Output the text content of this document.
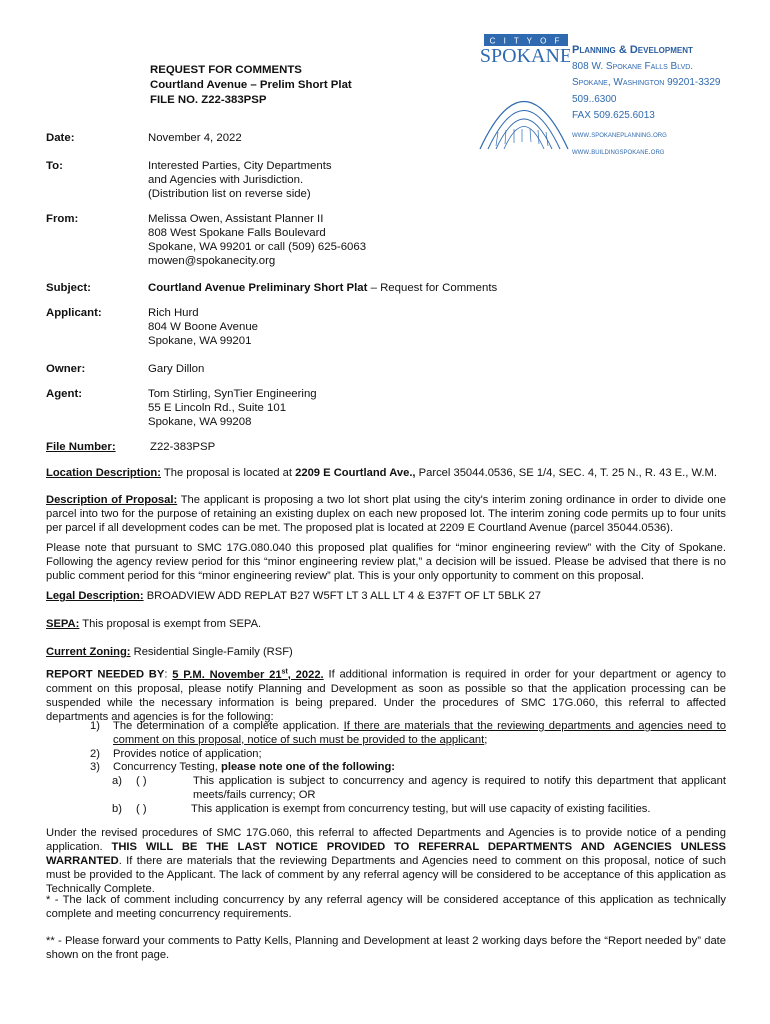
REQUEST FOR COMMENTS
Courtland Avenue – Prelim Short Plat
FILE NO. Z22-383PSP
C I T Y O F
SPOKANE Planning & Development
808 W. Spokane Falls Blvd.
Spokane, Washington 99201-3329
509..6300
FAX 509.625.6013
www.spokaneplanning.org
www.buildingspokane.org
Date:	November 4, 2022
To:	Interested Parties, City Departments
and Agencies with Jurisdiction.
(Distribution list on reverse side)
From:	Melissa Owen, Assistant Planner II
808 West Spokane Falls Boulevard
Spokane, WA 99201 or call (509) 625-6063
mowen@spokanecity.org
Subject:	Courtland Avenue Preliminary Short Plat – Request for Comments
Applicant:	Rich Hurd
804 W Boone Avenue
Spokane, WA 99201
Owner:	Gary Dillon
Agent:	Tom Stirling, SynTier Engineering
55 E Lincoln Rd., Suite 101
Spokane, WA 99208
File Number:	Z22-383PSP
Location Description: The proposal is located at 2209 E Courtland Ave., Parcel 35044.0536, SE 1/4, SEC. 4, T. 25 N., R. 43 E., W.M.
Description of Proposal: The applicant is proposing a two lot short plat using the city's interim zoning ordinance in order to divide one parcel into two for the purpose of retaining an existing duplex on each new proposed lot. The interim zoning code permits up to four units per parcel if all development codes can be met. The proposed plat is located at 2209 E Courtland Avenue (parcel 35044.0536).
Please note that pursuant to SMC 17G.080.040 this proposed plat qualifies for “minor engineering review” with the City of Spokane. Following the agency review period for this “minor engineering review plat,” a decision will be issued. Please be advised that there is no public comment period for this “minor engineering review” plat. This is your only opportunity to comment on this proposal.
Legal Description: BROADVIEW ADD REPLAT B27 W5FT LT 3 ALL LT 4 & E37FT OF LT 5BLK 27
SEPA: This proposal is exempt from SEPA.
Current Zoning: Residential Single-Family (RSF)
REPORT NEEDED BY: 5 P.M. November 21st, 2022. If additional information is required in order for your department or agency to comment on this proposal, please notify Planning and Development as soon as possible so that the application processing can be suspended while the necessary information is being prepared. Under the procedures of SMC 17G.060, this referral to affected departments and agencies is for the following:
1) The determination of a complete application. If there are materials that the reviewing departments and agencies need to comment on this proposal, notice of such must be provided to the applicant;
2) Provides notice of application;
3) Concurrency Testing, please note one of the following:
a) ( )	This application is subject to concurrency and agency is required to notify this department that applicant meets/fails currency; OR
b) ( )	This application is exempt from concurrency testing, but will use capacity of existing facilities.
Under the revised procedures of SMC 17G.060, this referral to affected Departments and Agencies is to provide notice of a pending application. THIS WILL BE THE LAST NOTICE PROVIDED TO REFERRAL DEPARTMENTS AND AGENCIES UNLESS WARRANTED. If there are materials that the reviewing Departments and Agencies need to comment on this proposal, notice of such must be provided to the Applicant. The lack of comment by any referral agency will be considered to be acceptance of this application as Technically Complete.
* - The lack of comment including concurrency by any referral agency will be considered acceptance of this application as technically complete and meeting concurrency requirements.
** - Please forward your comments to Patty Kells, Planning and Development at least 2 working days before the “Report needed by” date shown on the front page.
